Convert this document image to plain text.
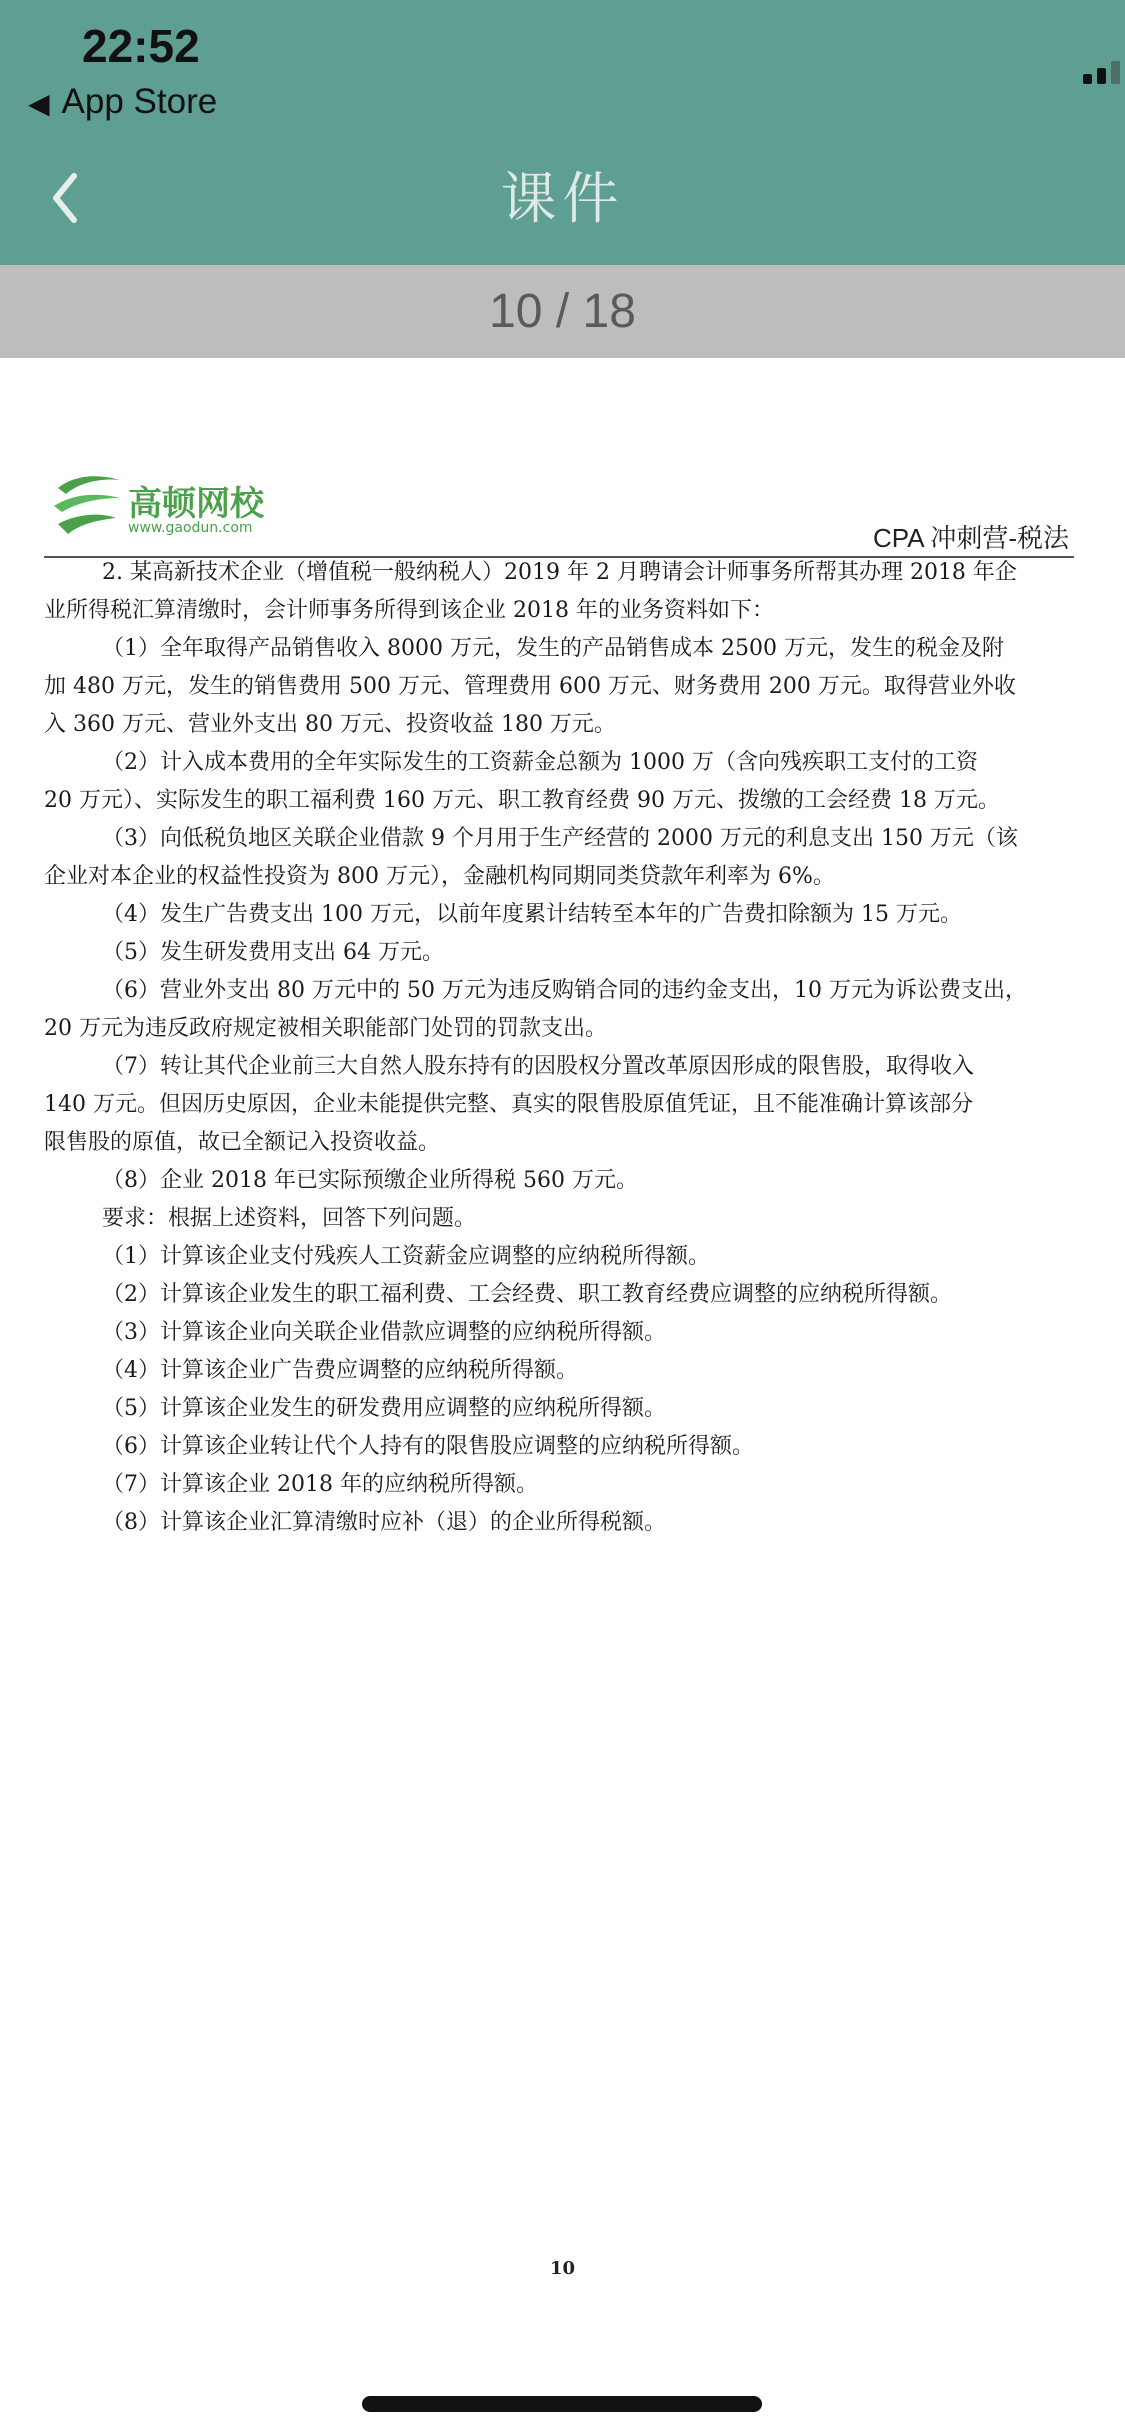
22:52
◀ App Store
课件
10 / 18
高顿网校
www.gaodun.com	CPA 冲刺营-税法
2. 某高新技术企业（增值税一般纳税人）2019 年 2 月聘请会计师事务所帮其办理 2018 年企
业所得税汇算清缴时，会计师事务所得到该企业 2018 年的业务资料如下：
（1）全年取得产品销售收入 8000 万元，发生的产品销售成本 2500 万元，发生的税金及附
加 480 万元，发生的销售费用 500 万元、管理费用 600 万元、财务费用 200 万元。取得营业外收
入 360 万元、营业外支出 80 万元、投资收益 180 万元。
（2）计入成本费用的全年实际发生的工资薪金总额为 1000 万（含向残疾职工支付的工资
20 万元）、实际发生的职工福利费 160 万元、职工教育经费 90 万元、拨缴的工会经费 18 万元。
（3）向低税负地区关联企业借款 9 个月用于生产经营的 2000 万元的利息支出 150 万元（该
企业对本企业的权益性投资为 800 万元），金融机构同期同类贷款年利率为 6%。
（4）发生广告费支出 100 万元，以前年度累计结转至本年的广告费扣除额为 15 万元。
（5）发生研发费用支出 64 万元。
（6）营业外支出 80 万元中的 50 万元为违反购销合同的违约金支出，10 万元为诉讼费支出，
20 万元为违反政府规定被相关职能部门处罚的罚款支出。
（7）转让其代企业前三大自然人股东持有的因股权分置改革原因形成的限售股，取得收入
140 万元。但因历史原因，企业未能提供完整、真实的限售股原值凭证，且不能准确计算该部分
限售股的原值，故已全额记入投资收益。
（8）企业 2018 年已实际预缴企业所得税 560 万元。
要求：根据上述资料，回答下列问题。
（1）计算该企业支付残疾人工资薪金应调整的应纳税所得额。
（2）计算该企业发生的职工福利费、工会经费、职工教育经费应调整的应纳税所得额。
（3）计算该企业向关联企业借款应调整的应纳税所得额。
（4）计算该企业广告费应调整的应纳税所得额。
（5）计算该企业发生的研发费用应调整的应纳税所得额。
（6）计算该企业转让代个人持有的限售股应调整的应纳税所得额。
（7）计算该企业 2018 年的应纳税所得额。
（8）计算该企业汇算清缴时应补（退）的企业所得税额。
10
